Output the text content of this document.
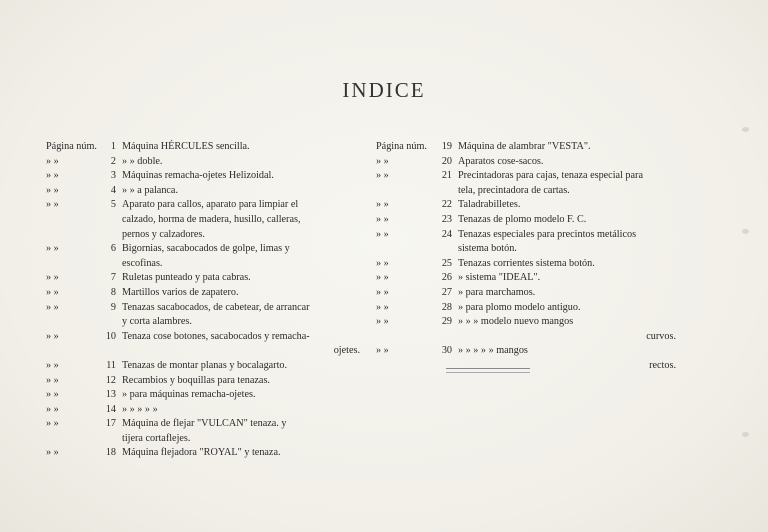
INDICE
Página núm.	1 Máquina HÉRCULES sencilla.
» »	2 » » doble.
» »	3 Máquinas remacha-ojetes Helizoidal.
» »	4 » » a palanca.
» »	5 Aparato para callos, aparato para limpiar el
calzado, horma de madera, husillo, calleras,
pernos y calzadores.
» »	6 Bigornias, sacabocados de golpe, limas y
escofinas.
» »	7 Ruletas punteado y pata cabras.
» »	8 Martillos varios de zapatero.
» »	9 Tenazas sacabocados, de cabetear, de arrancar
y corta alambres.
» »	10 Tenaza cose botones, sacabocados y remacha-
ojetes.
» »	11 Tenazas de montar planas y bocalagarto.
» »	12 Recambios y boquillas para tenazas.
» »	13 » para máquinas remacha-ojetes.
» »	14 » » » » »
» »	17 Máquina de flejar "VULCAN" tenaza. y
tijera cortaflejes.
» »	18 Máquina flejadora "ROYAL" y tenaza.
Página núm.	19 Máquina de alambrar "VESTA".
» »	20 Aparatos cose-sacos.
» »	21 Precintadoras para cajas, tenaza especial para
tela, precintadora de cartas.
» »	22 Taladrabilletes.
» »	23 Tenazas de plomo modelo F. C.
» »	24 Tenazas especiales para precintos metálicos
sistema botón.
» »	25 Tenazas corrientes sistema botón.
» »	26 » sistema "IDEAL".
» »	27 » para marchamos.
» »	28 » para plomo modelo antiguo.
» »	29 » » » modelo nuevo mangos
curvos.
» »	30 » » » » » mangos
rectos.
